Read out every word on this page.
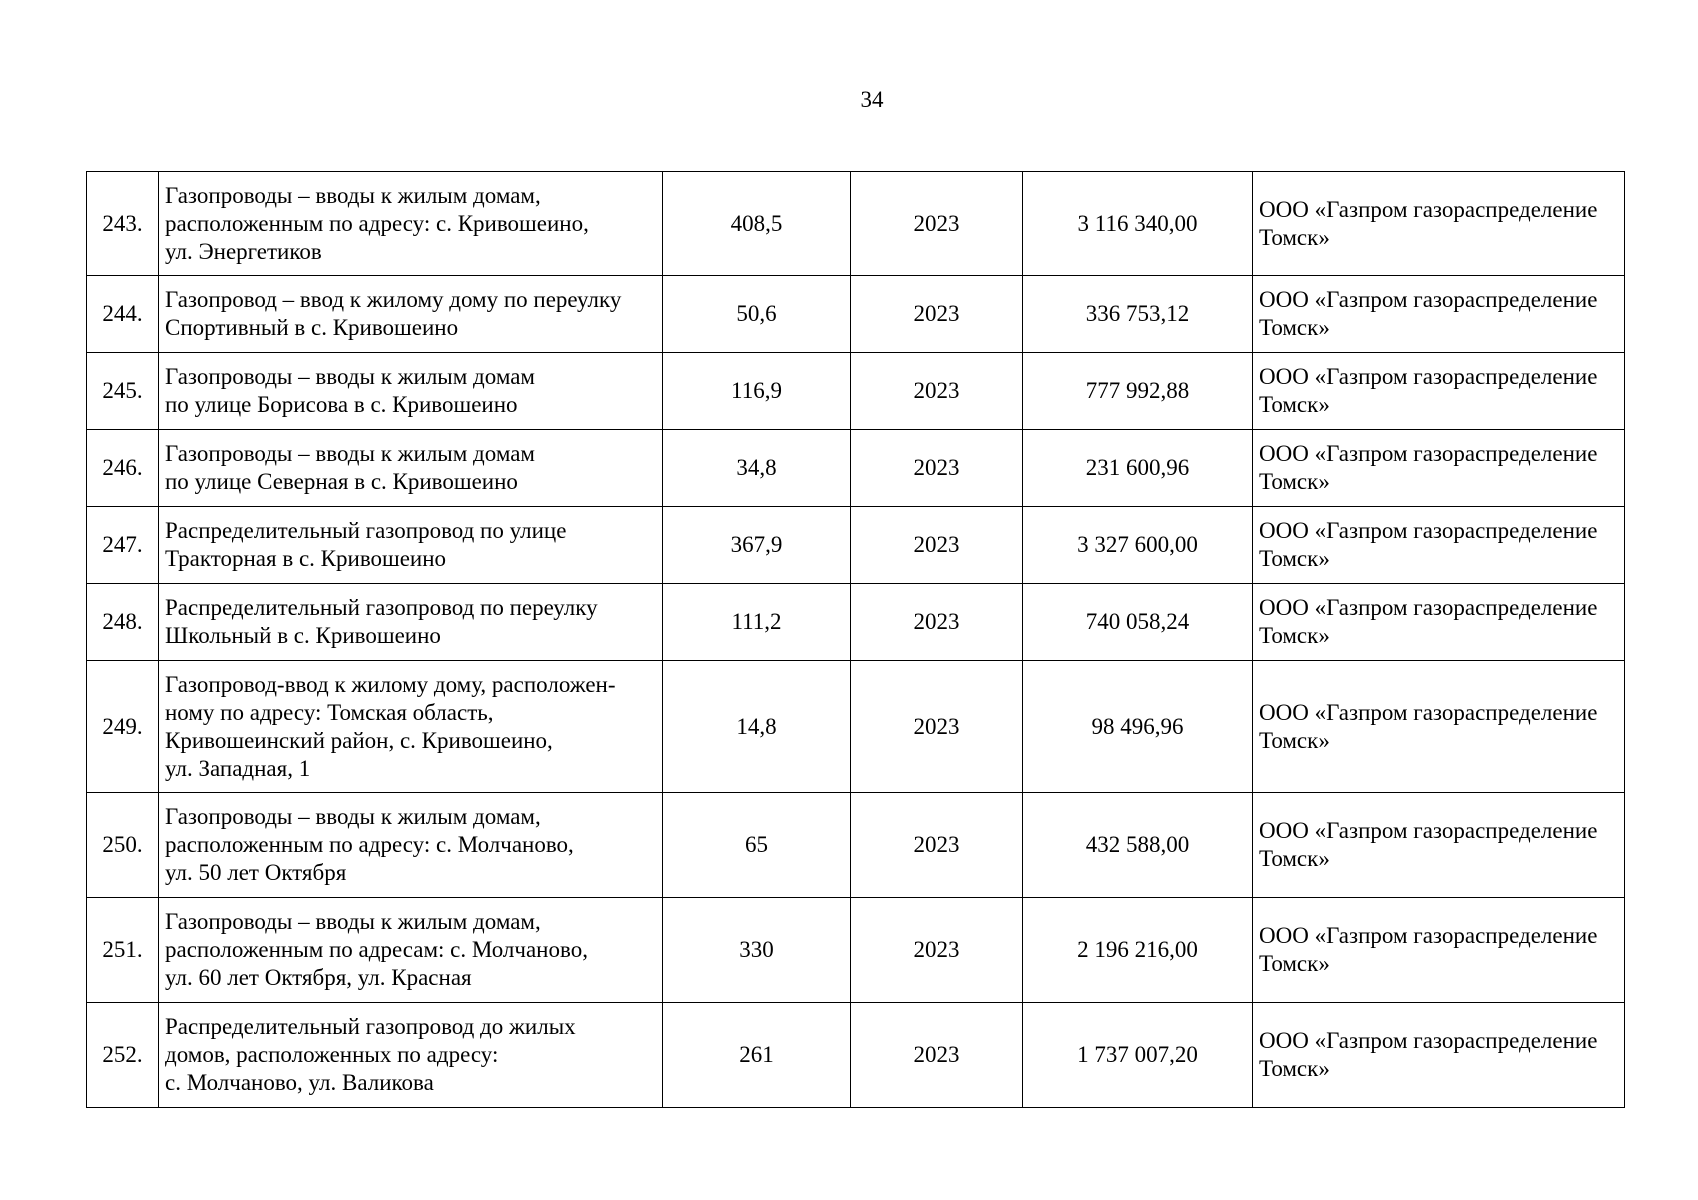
34
243.	Газопроводы – вводы к жилым домам,
расположенным по адресу: с. Кривошеино,
ул. Энергетиков	408,5	2023	3 116 340,00	ООО «Газпром газораспределение
Томск»

244.	Газопровод – ввод к жилому дому по переулку
Спортивный в с. Кривошеино	50,6	2023	336 753,12	ООО «Газпром газораспределение
Томск»

245.	Газопроводы – вводы к жилым домам
по улице Борисова в с. Кривошеино	116,9	2023	777 992,88	ООО «Газпром газораспределение
Томск»

246.	Газопроводы – вводы к жилым домам
по улице Северная в с. Кривошеино	34,8	2023	231 600,96	ООО «Газпром газораспределение
Томск»

247.	Распределительный газопровод по улице
Тракторная в с. Кривошеино	367,9	2023	3 327 600,00	ООО «Газпром газораспределение
Томск»

248.	Распределительный газопровод по переулку
Школьный в с. Кривошеино	111,2	2023	740 058,24	ООО «Газпром газораспределение
Томск»

249.	Газопровод-ввод к жилому дому, расположен-
ному по адресу: Томская область,
Кривошеинский район, с. Кривошеино,
ул. Западная, 1	14,8	2023	98 496,96	ООО «Газпром газораспределение
Томск»

250.	Газопроводы – вводы к жилым домам,
расположенным по адресу: с. Молчаново,
ул. 50 лет Октября	65	2023	432 588,00	ООО «Газпром газораспределение
Томск»

251.	Газопроводы – вводы к жилым домам,
расположенным по адресам: с. Молчаново,
ул. 60 лет Октября, ул. Красная	330	2023	2 196 216,00	ООО «Газпром газораспределение
Томск»

252.	Распределительный газопровод до жилых
домов, расположенных по адресу:
с. Молчаново, ул. Валикова	261	2023	1 737 007,20	ООО «Газпром газораспределение
Томск»
